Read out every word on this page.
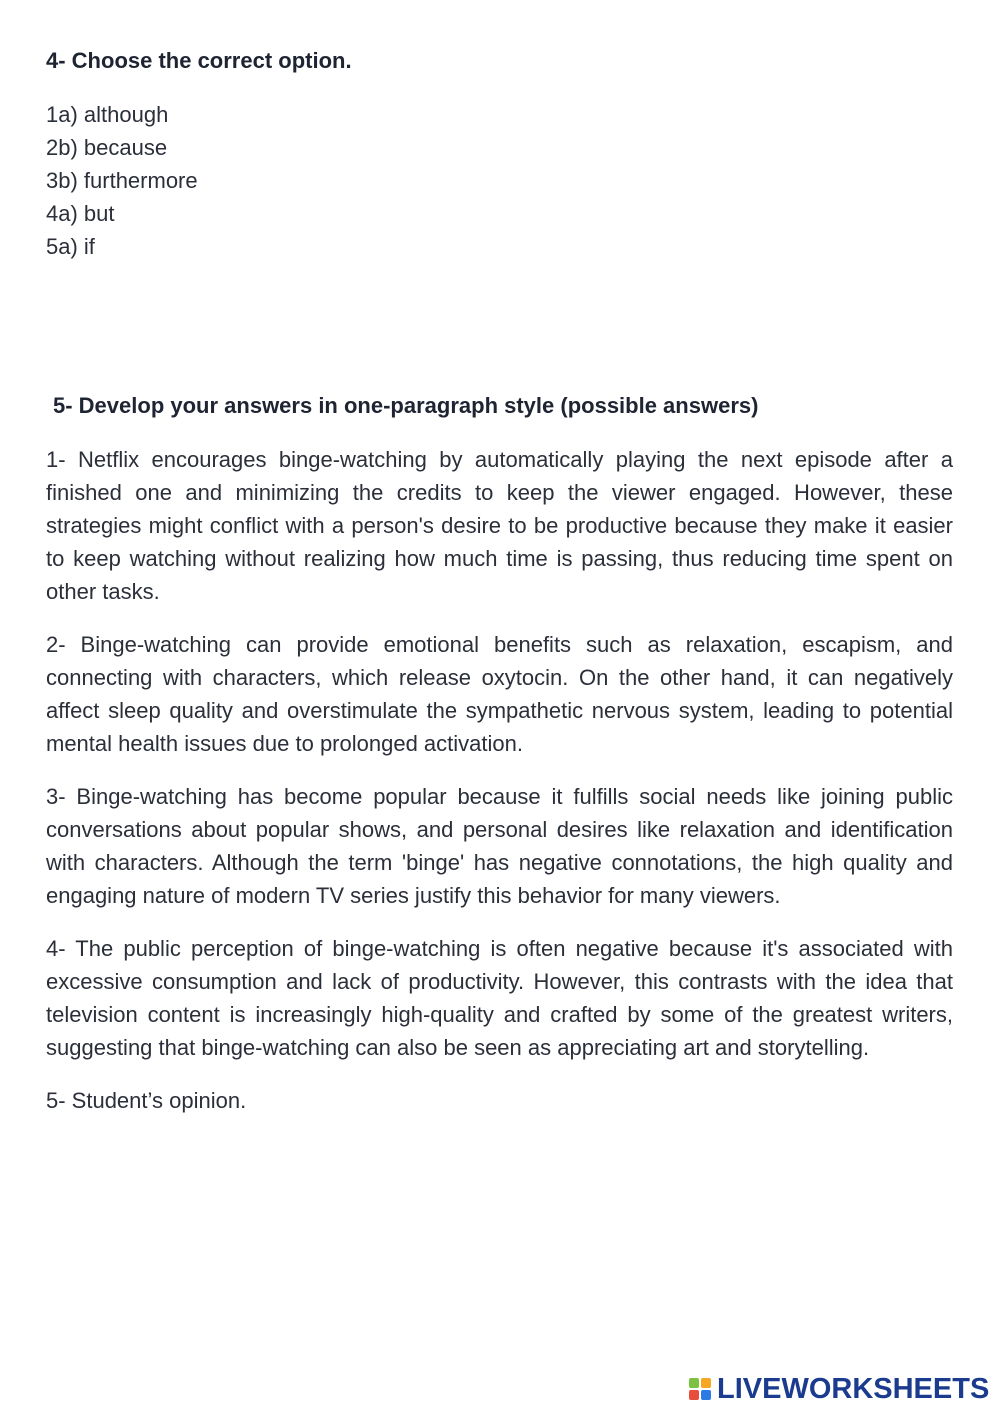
4- Choose the correct option.
1a) although
2b) because
3b) furthermore
4a) but
5a) if
5- Develop your answers in one-paragraph style (possible answers)

1- Netflix encourages binge-watching by automatically playing the next episode after a finished one and minimizing the credits to keep the viewer engaged. However, these strategies might conflict with a person's desire to be productive because they make it easier to keep watching without realizing how much time is passing, thus reducing time spent on other tasks.

2- Binge-watching can provide emotional benefits such as relaxation, escapism, and connecting with characters, which release oxytocin. On the other hand, it can negatively affect sleep quality and overstimulate the sympathetic nervous system, leading to potential mental health issues due to prolonged activation.

3- Binge-watching has become popular because it fulfills social needs like joining public conversations about popular shows, and personal desires like relaxation and identification with characters. Although the term 'binge' has negative connotations, the high quality and engaging nature of modern TV series justify this behavior for many viewers.

4- The public perception of binge-watching is often negative because it's associated with excessive consumption and lack of productivity. However, this contrasts with the idea that television content is increasingly high-quality and crafted by some of the greatest writers, suggesting that binge-watching can also be seen as appreciating art and storytelling.

5- Student’s opinion.

LIVEWORKSHEETS
